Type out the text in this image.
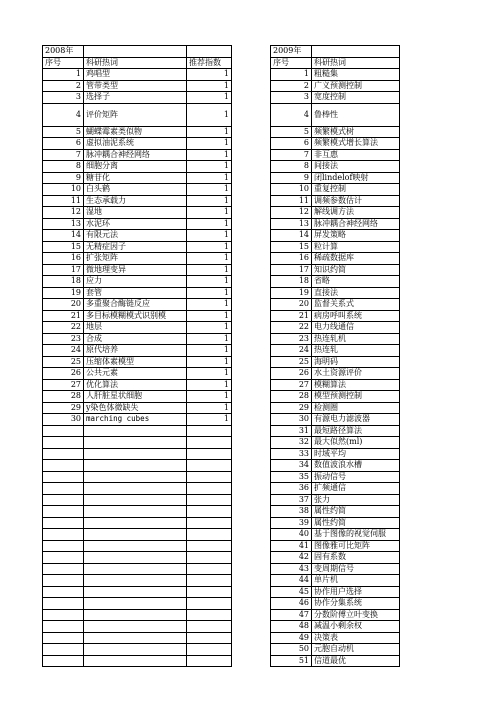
2008年				2009年	
序号	科研热词	推荐指数		序号	科研热词
1	鸡唱型	1		1	粗糙集
2	管带类型	1		2	广义预测控制
3	选择子	1		3	宽度控制
4	评价矩阵	1		4	鲁棒性
5	蝴蝶霉素类似物	1		5	频繁模式树
6	虚拟油泥系统	1		6	频繁模式增长算法
7	脉冲耦合神经网络	1		7	非互惠
8	细胞分离	1		8	间接法
9	糖苷化	1		9	闭lindelof映射
10	白头鹤	1		10	重复控制
11	生态承载力	1		11	调频参数估计
12	湿地	1		12	解线调方法
13	水泥环	1		13	脉冲耦合神经网络
14	有限元法	1		14	屏发策略
15	无精症因子	1		15	粒计算
16	扩张矩阵	1		16	稀疏数据库
17	微地理变异	1		17	知识约简
18	应力	1		18	省略
19	套管	1		19	直接法
20	多重聚合酶链反应	1		20	监督关系式
21	多目标模糊模式识别模	1		21	病房呼叫系统
22	地层	1		22	电力线通信
23	合成	1		23	热连轧机
24	原代培养	1		24	热连轧
25	压缩体素模型	1		25	海明码
26	公共元素	1		26	水土资源评价
27	优化算法	1		27	模糊算法
28	人肝脏星状细胞	1		28	模型预测控制
29	y染色体微缺失	1		29	检测圈
30	marching cubes	1		30	有源电力滤波器
				31	最短路径算法
				32	最大似然(ml)
				33	时域平均
				34	数值波浪水槽
				35	振动信号
				36	扩频通信
				37	张力
				38	属性约简
				39	属性约简
				40	基于图像的视觉伺服
				41	图像雅可比矩阵
				42	固有系数
				43	变周期信号
				44	单片机
				45	协作用户选择
				46	协作分集系统
				47	分数阶傅立叶变换
				48	减温小剩余权
				49	决策表
				50	元胞自动机
				51	信道最优
